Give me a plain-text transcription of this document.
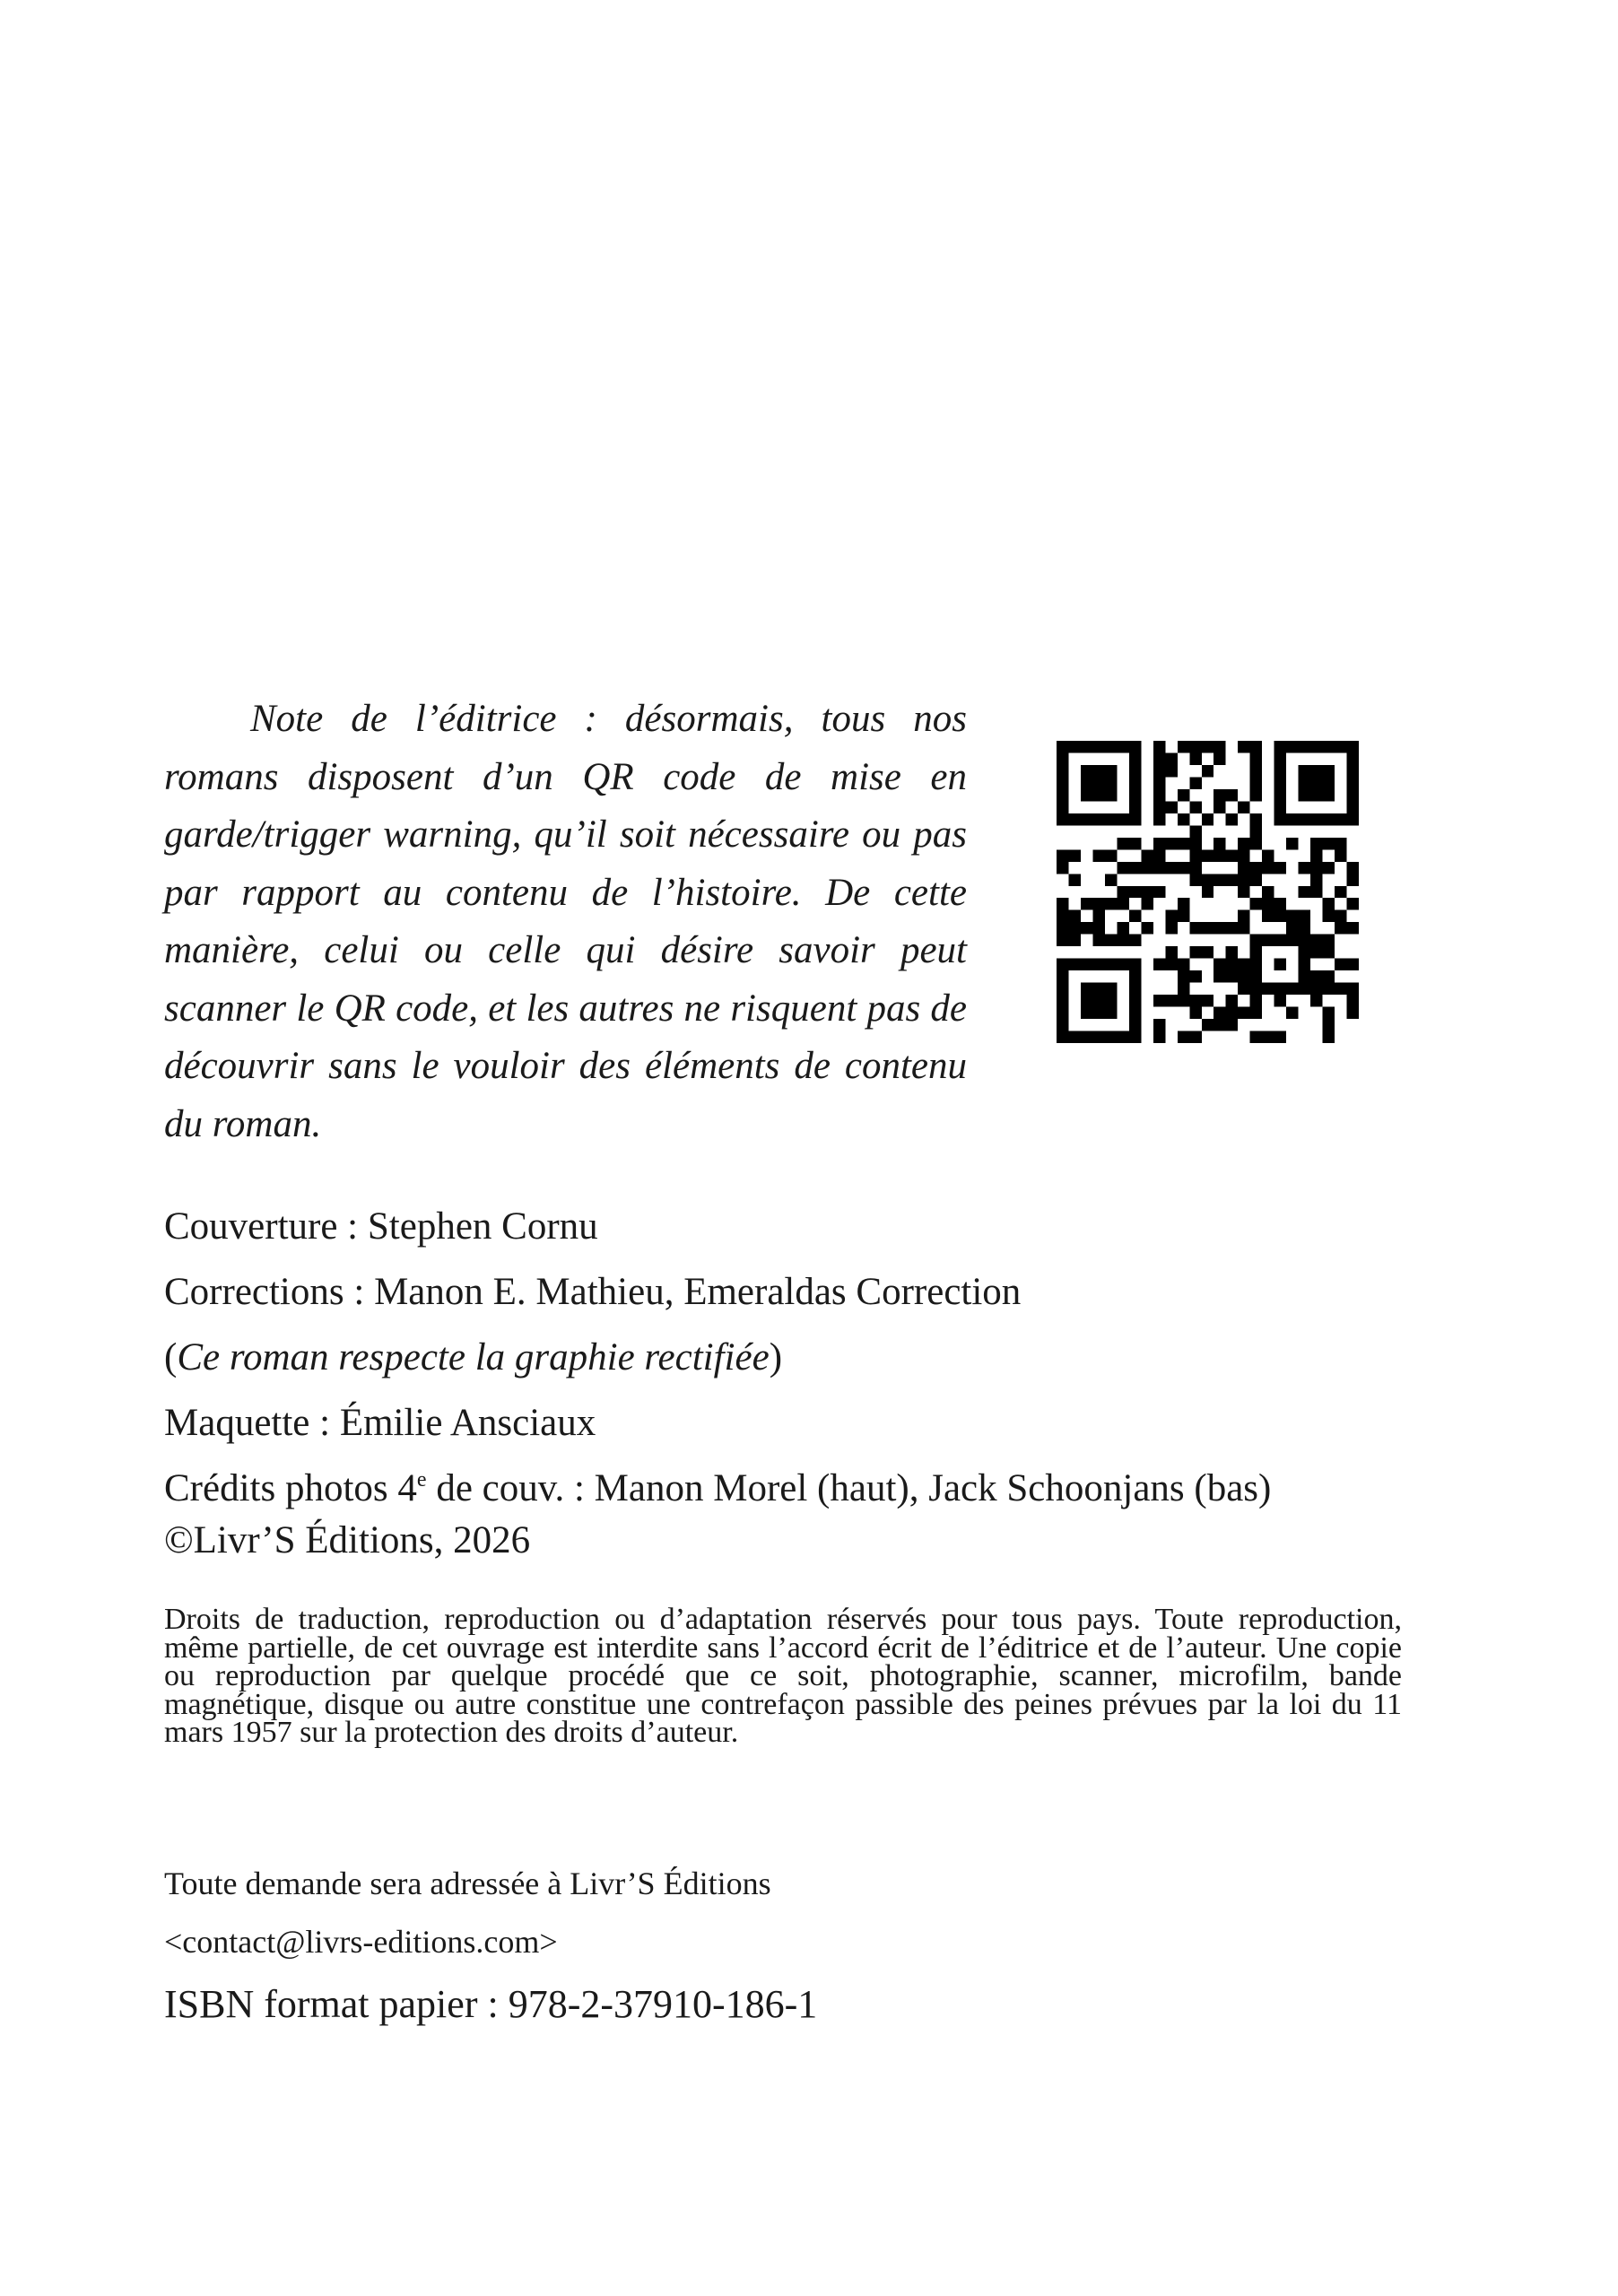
Note de l’éditrice : désormais, tous nos romans disposent d’un QR code de mise en garde/trigger warning, qu’il soit nécessaire ou pas par rapport au contenu de l’histoire. De cette manière, celui ou celle qui désire savoir peut scanner le QR code, et les autres ne risquent pas de découvrir sans le vouloir des éléments de contenu du roman.

Couverture : Stephen Cornu
Corrections : Manon E. Mathieu, Emeraldas Correction
(Ce roman respecte la graphie rectifiée)
Maquette : Émilie Ansciaux
Crédits photos 4e de couv. : Manon Morel (haut), Jack Schoonjans (bas)
©Livr’S Éditions, 2026

Droits de traduction, reproduction ou d’adaptation réservés pour tous pays. Toute reproduction, même partielle, de cet ouvrage est interdite sans l’accord écrit de l’éditrice et de l’auteur. Une copie ou reproduction par quelque procédé que ce soit, photographie, scanner, microfilm, bande magnétique, disque ou autre constitue une contrefaçon passible des peines prévues par la loi du 11 mars 1957 sur la protection des droits d’auteur.

Toute demande sera adressée à Livr’S Éditions

<contact@livrs-editions.com>

ISBN format papier : 978-2-37910-186-1
